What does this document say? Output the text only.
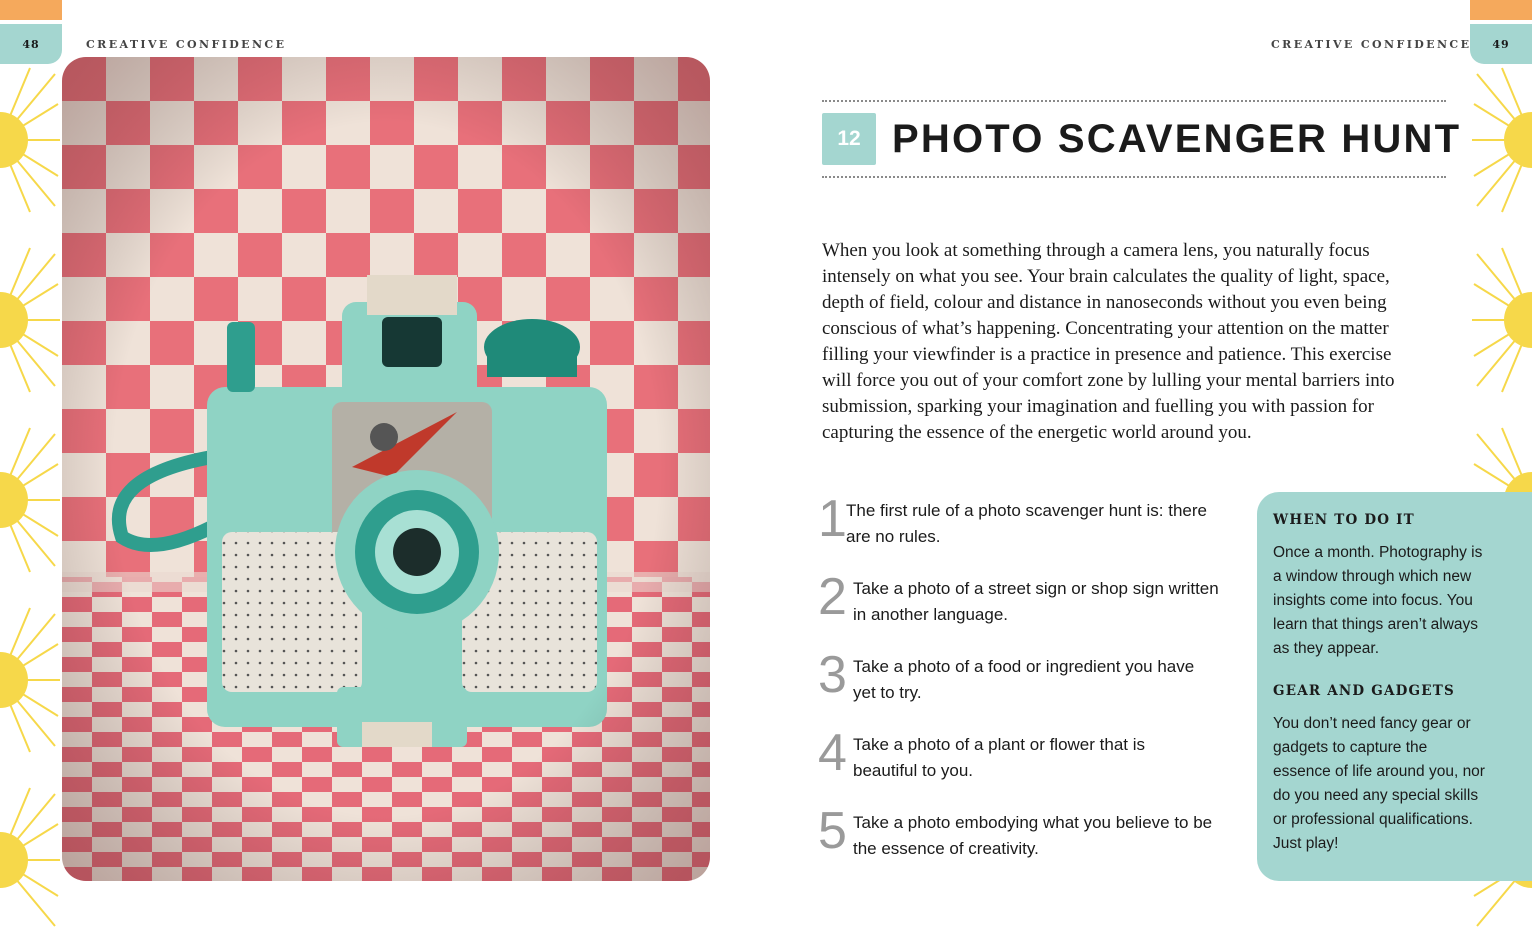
48	49
CREATIVE CONFIDENCE	CREATIVE CONFIDENCE
12 PHOTO SCAVENGER HUNT
When you look at something through a camera lens, you naturally focus intensely on what you see. Your brain calculates the quality of light, space, depth of field, colour and distance in nanoseconds without you even being conscious of what’s happening. Concentrating your attention on the matter filling your viewfinder is a practice in presence and patience. This exercise will force you out of your comfort zone by lulling your mental barriers into submission, sparking your imagination and fuelling you with passion for capturing the essence of the energetic world around you.
1 The first rule of a photo scavenger hunt is: there are no rules.
2 Take a photo of a street sign or shop sign written in another language.
3 Take a photo of a food or ingredient you have yet to try.
4 Take a photo of a plant or flower that is beautiful to you.
5 Take a photo embodying what you believe to be the essence of creativity.
WHEN TO DO IT
Once a month. Photography is a window through which new insights come into focus. You learn that things aren’t always as they appear.
GEAR AND GADGETS
You don’t need fancy gear or gadgets to capture the essence of life around you, nor do you need any special skills or professional qualifications. Just play!
